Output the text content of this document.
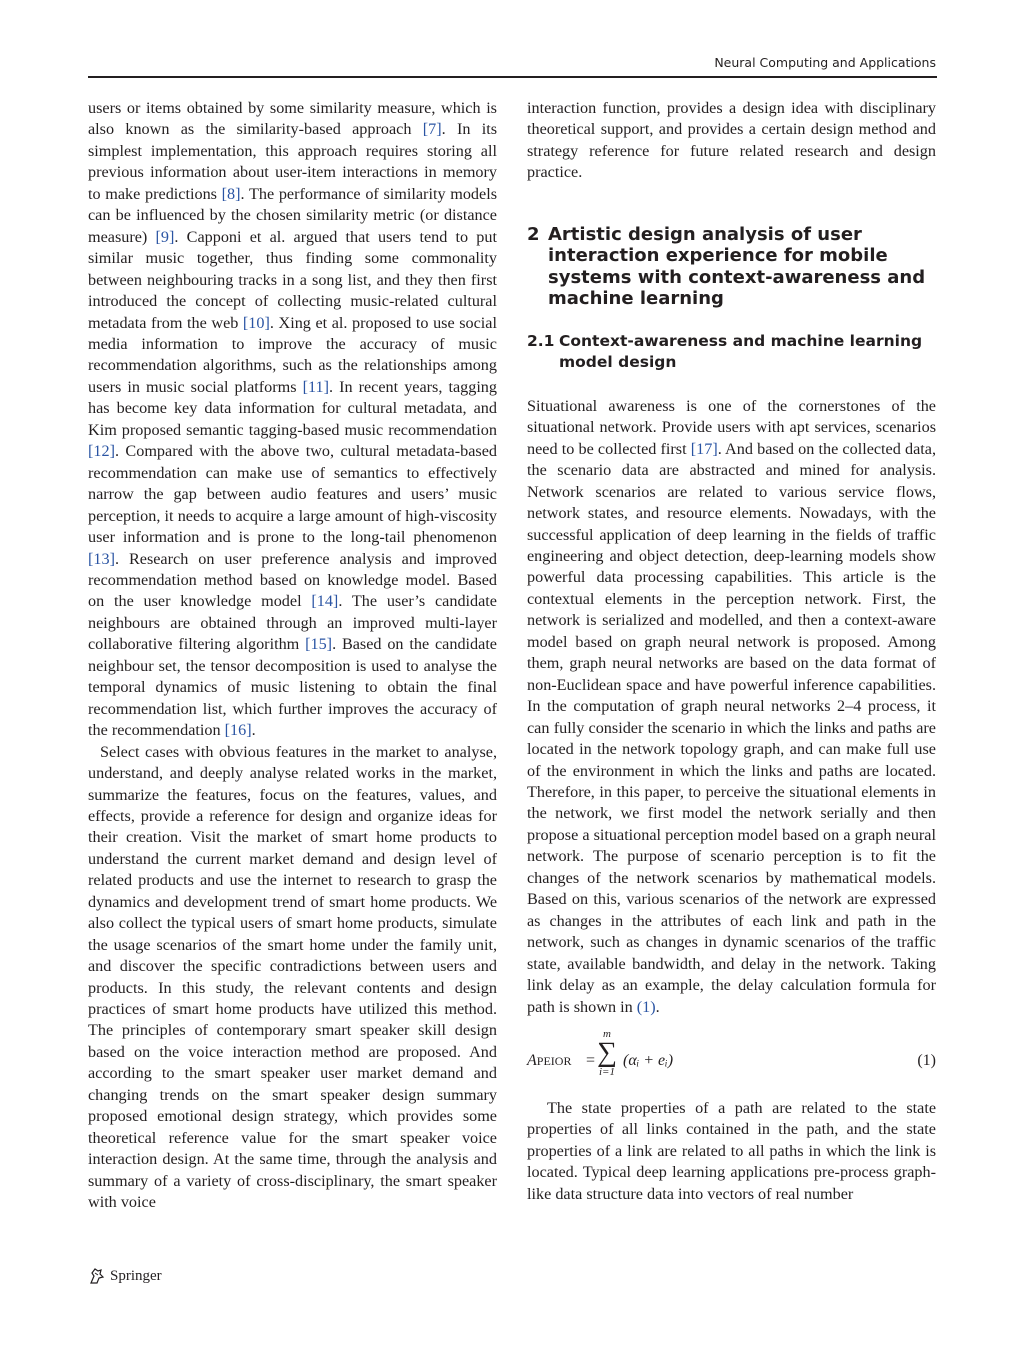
Neural Computing and Applications

users or items obtained by some similarity measure, which is also known as the similarity-based approach [7]. In its simplest implementation, this approach requires storing all previous information about user-item interactions in memory to make predictions [8]. The performance of similarity models can be influenced by the chosen similarity metric (or distance measure) [9]. Capponi et al. argued that users tend to put similar music together, thus finding some commonality between neighbouring tracks in a song list, and they then first introduced the concept of collecting music-related cultural metadata from the web [10]. Xing et al. proposed to use social media information to improve the accuracy of music recommendation algorithms, such as the relationships among users in music social platforms [11]. In recent years, tagging has become key data information for cultural metadata, and Kim proposed semantic tagging-based music recommendation [12]. Compared with the above two, cultural metadata-based recommendation can make use of semantics to effectively narrow the gap between audio features and users’ music perception, it needs to acquire a large amount of high-viscosity user information and is prone to the long-tail phenomenon [13]. Research on user preference analysis and improved recommendation method based on knowledge model. Based on the user knowledge model [14]. The user’s candidate neighbours are obtained through an improved multi-layer collaborative filtering algorithm [15]. Based on the candidate neighbour set, the tensor decomposition is used to analyse the temporal dynamics of music listening to obtain the final recommendation list, which further improves the accuracy of the recommendation [16].

Select cases with obvious features in the market to analyse, understand, and deeply analyse related works in the market, summarize the features, focus on the features, values, and effects, provide a reference for design and organize ideas for their creation. Visit the market of smart home products to understand the current market demand and design level of related products and use the internet to research to grasp the dynamics and development trend of smart home products. We also collect the typical users of smart home products, simulate the usage scenarios of the smart home under the family unit, and discover the specific contradictions between users and products. In this study, the relevant contents and design practices of smart home products have utilized this method. The principles of contemporary smart speaker skill design based on the voice interaction method are proposed. And according to the smart speaker user market demand and changing trends on the smart speaker design summary proposed emotional design strategy, which provides some theoretical reference value for the smart speaker voice interaction design. At the same time, through the analysis and summary of a variety of cross-disciplinary, the smart speaker with voice

interaction function, provides a design idea with disciplinary theoretical support, and provides a certain design method and strategy reference for future related research and design practice.

2 Artistic design analysis of user interaction experience for mobile systems with context-awareness and machine learning
2.1 Context-awareness and machine learning model design

Situational awareness is one of the cornerstones of the situational network. Provide users with apt services, scenarios need to be collected first [17]. And based on the collected data, the scenario data are abstracted and mined for analysis. Network scenarios are related to various service flows, network states, and resource elements. Nowadays, with the successful application of deep learning in the fields of traffic engineering and object detection, deep-learning models show powerful data processing capabilities. This article is the contextual elements in the perception network. First, the network is serialized and modelled, and then a context-aware model based on graph neural network is proposed. Among them, graph neural networks are based on the data format of non-Euclidean space and have powerful inference capabilities. In the computation of graph neural networks 2–4 process, it can fully consider the scenario in which the links and paths are located in the network topology graph, and can make full use of the environment in which the links and paths are located. Therefore, in this paper, to perceive the situational elements in the network, we first model the network serially and then propose a situational perception model based on a graph neural network. The purpose of scenario perception is to fit the changes of the network scenarios by mathematical models. Based on this, various scenarios of the network are expressed as changes in the attributes of each link and path in the network, such as changes in dynamic scenarios of the traffic state, available bandwidth, and delay in the network. Taking link delay as an example, the delay calculation formula for path is shown in (1).

APEIOR =
m
∑
i=1
(αᵢ + eᵢ)	(1)

The state properties of a path are related to the state properties of all links contained in the path, and the state properties of a link are related to all paths in which the link is located. Typical deep learning applications pre-process graph-like data structure data into vectors of real number

Springer
